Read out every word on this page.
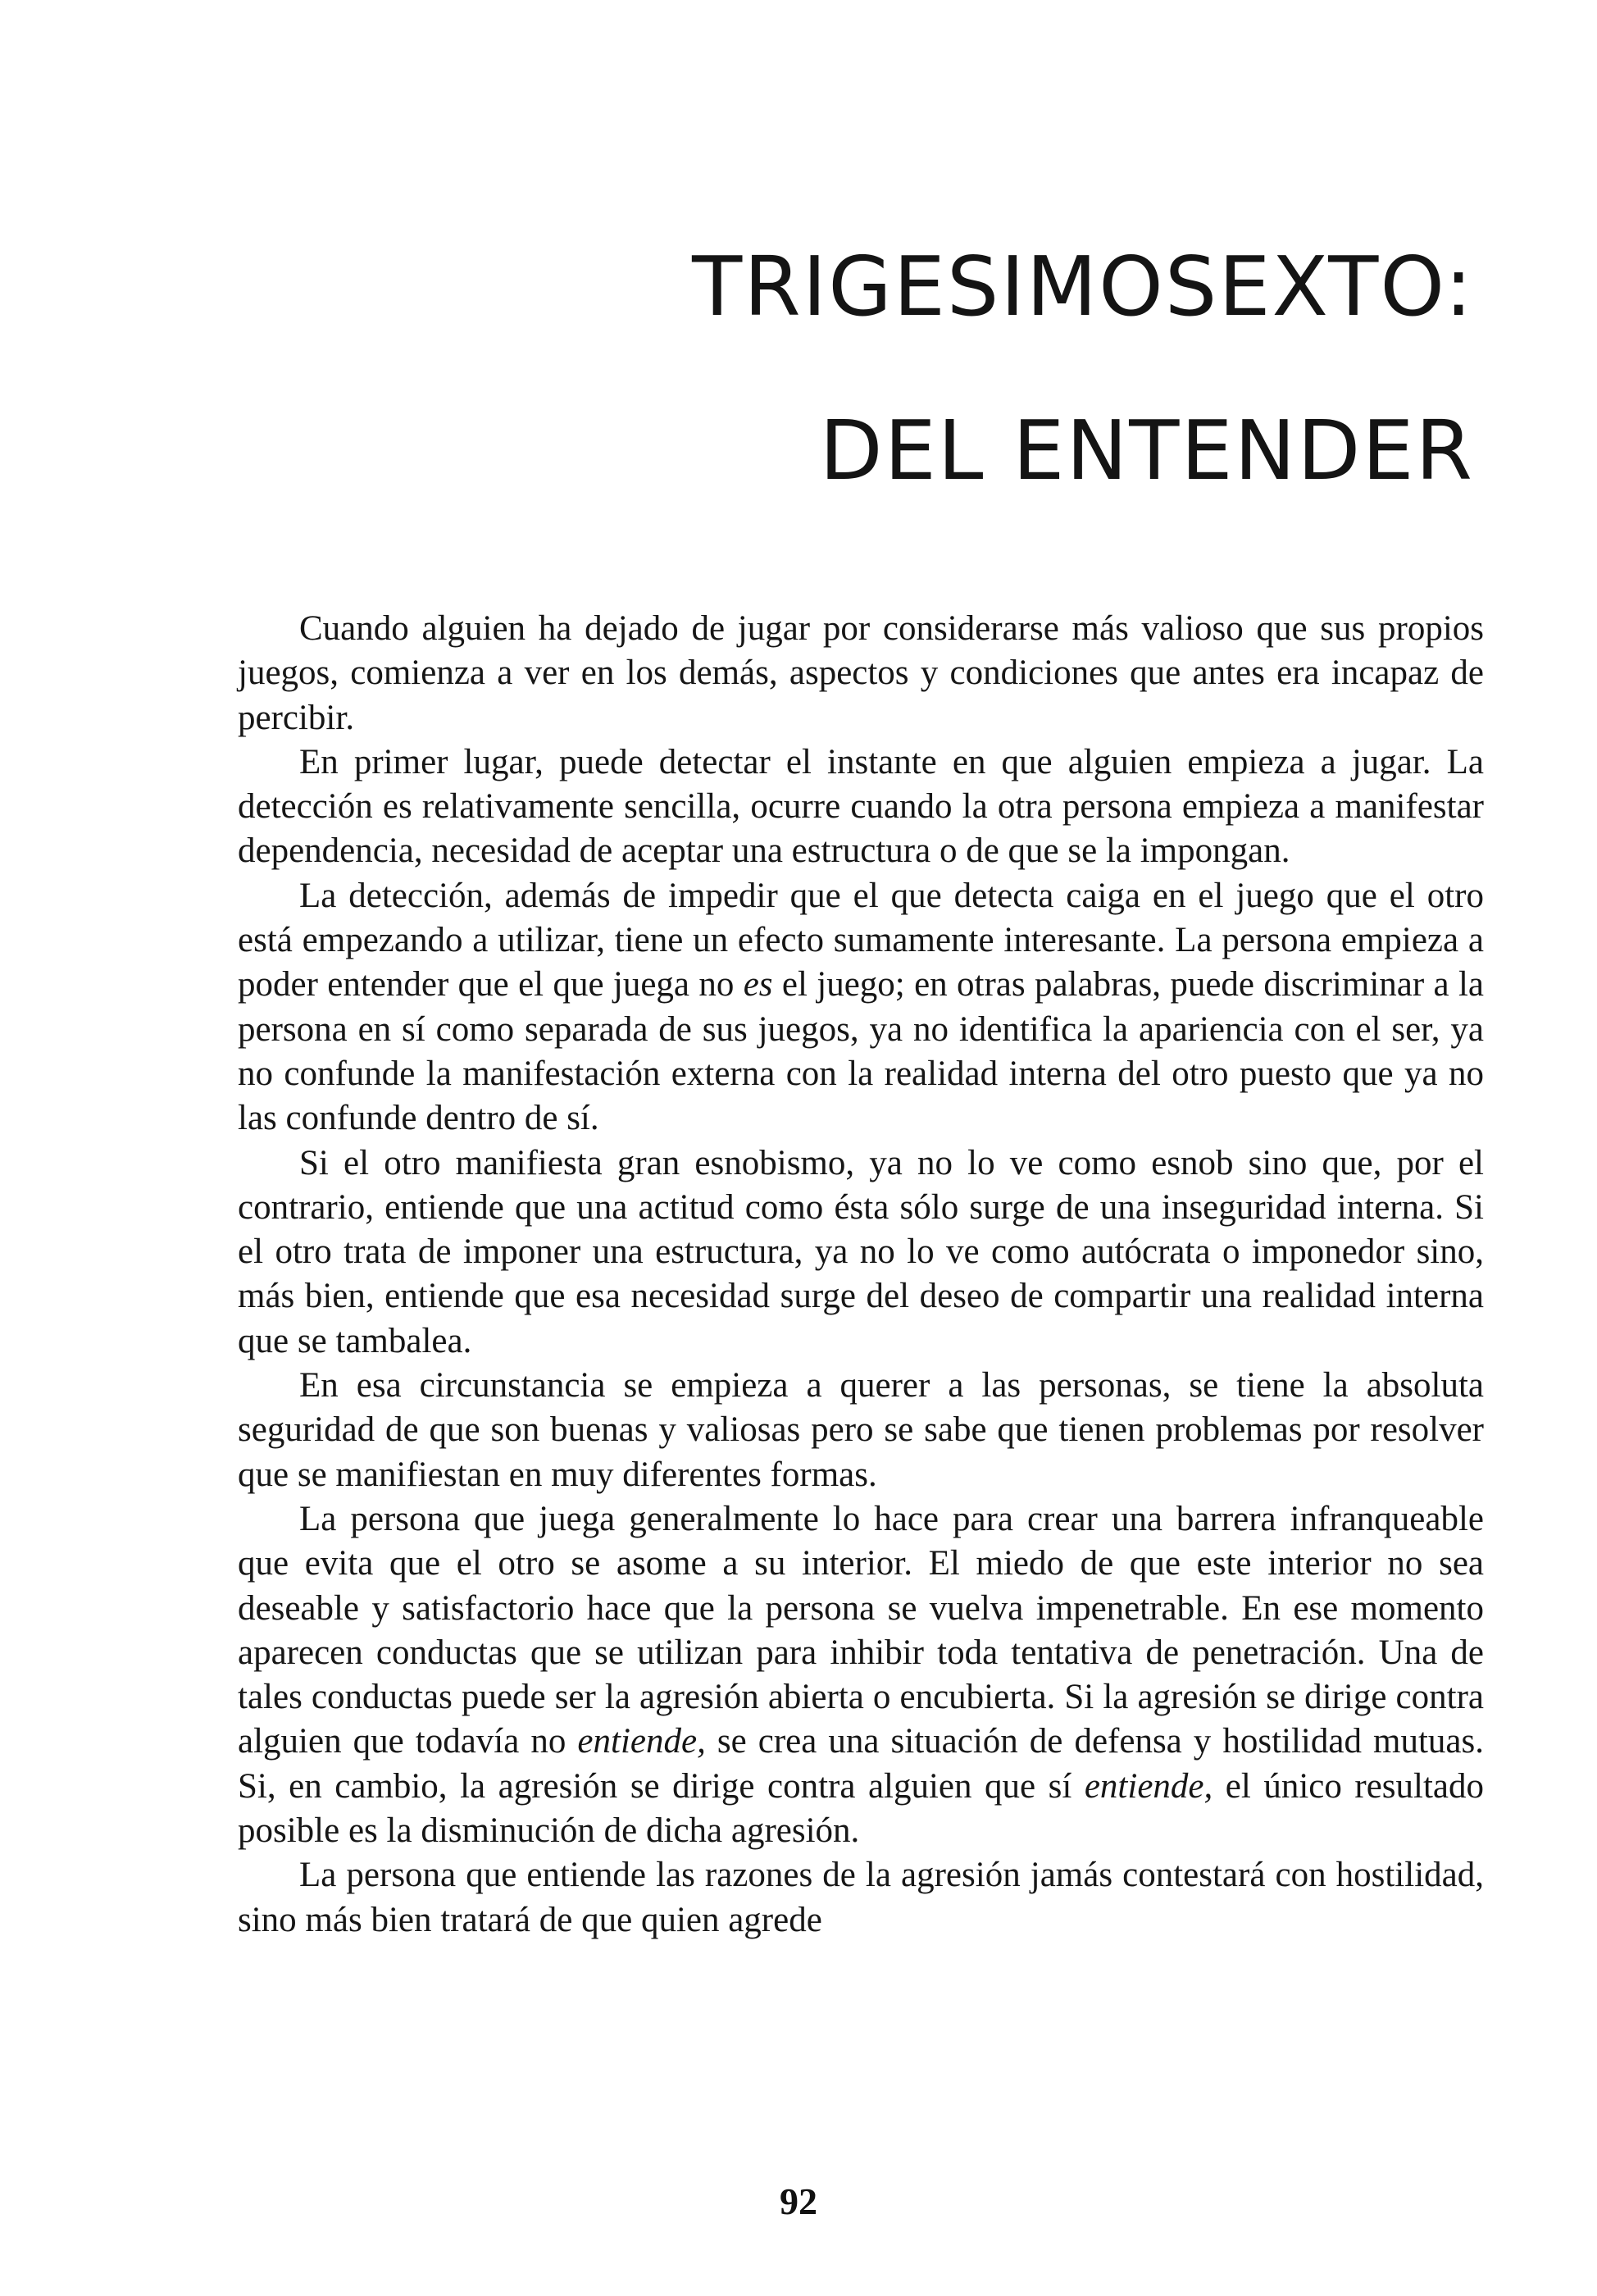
TRIGESIMOSEXTO:
DEL ENTENDER

Cuando alguien ha dejado de jugar por considerarse más valioso que sus propios juegos, comienza a ver en los demás, aspectos y condiciones que antes era incapaz de percibir.

En primer lugar, puede detectar el instante en que alguien empieza a jugar. La detección es relativamente sencilla, ocurre cuando la otra persona empieza a manifestar dependencia, necesidad de aceptar una estructura o de que se la impongan.

La detección, además de impedir que el que detecta caiga en el juego que el otro está empezando a utilizar, tiene un efecto sumamente interesante. La persona empieza a poder entender que el que juega no es el juego; en otras palabras, puede discriminar a la persona en sí como separada de sus juegos, ya no identifica la apariencia con el ser, ya no confunde la manifestación externa con la realidad interna del otro puesto que ya no las confunde dentro de sí.

Si el otro manifiesta gran esnobismo, ya no lo ve como esnob sino que, por el contrario, entiende que una actitud como ésta sólo surge de una inseguridad interna. Si el otro trata de imponer una estructura, ya no lo ve como autócrata o imponedor sino, más bien, entiende que esa necesidad surge del deseo de compartir una realidad interna que se tambalea.

En esa circunstancia se empieza a querer a las personas, se tiene la absoluta seguridad de que son buenas y valiosas pero se sabe que tienen problemas por resolver que se manifiestan en muy diferentes formas.

La persona que juega generalmente lo hace para crear una barrera infranqueable que evita que el otro se asome a su interior. El miedo de que este interior no sea deseable y satisfactorio hace que la persona se vuelva impenetrable. En ese momento aparecen conductas que se utilizan para inhibir toda tentativa de penetración. Una de tales conductas puede ser la agresión abierta o encubierta. Si la agresión se dirige contra alguien que todavía no entiende, se crea una situación de defensa y hostilidad mutuas. Si, en cambio, la agresión se dirige contra alguien que sí entiende, el único resultado posible es la disminución de dicha agresión.

La persona que entiende las razones de la agresión jamás contestará con hostilidad, sino más bien tratará de que quien agrede

92
